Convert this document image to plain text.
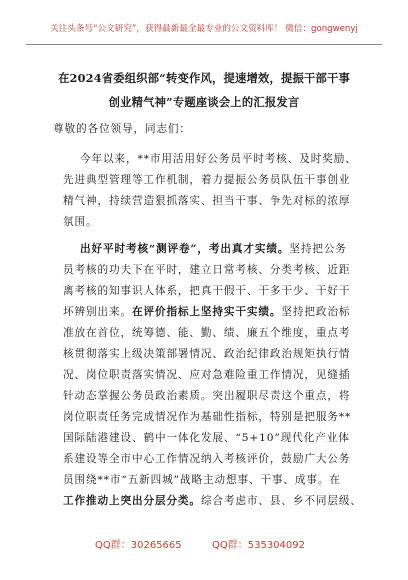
关注头条号“公文研究”，获得最新最全最专业的公文资料库！ 微信：gongwenyj
在2024省委组织部“转变作风，提速增效，提振干部干事
创业精气神”专题座谈会上的汇报发言
尊敬的各位领导，同志们：
今年以来，**市用活用好公务员平时考核、及时奖励、
先进典型管理等工作机制，着力提振公务员队伍干事创业
精气神，持续营造狠抓落实、担当干事、争先对标的浓厚
氛围。
出好平时考核“测评卷”，考出真才实绩。坚持把公务
员考核的功夫下在平时，建立日常考核、分类考核、近距
离考核的知事识人体系，把真干假干、干多干少、干好干
坏辨别出来。在评价指标上坚持实干实绩。坚持把政治标
准放在首位，统筹德、能、勤、绩、廉五个维度，重点考
核贯彻落实上级决策部署情况、政治纪律政治规矩执行情
况、岗位职责落实情况、应对急难险重工作情况，见缝插
针动态掌握公务员政治素质。突出履职尽责这个重点，将
岗位职责任务完成情况作为基础性指标，特别是把服务**
国际陆港建设、鹤中一体化发展、“5+10”现代化产业体
系建设等全市中心工作情况纳入考核评价，鼓励广大公务
员围绕**市“五新四城”战略主动想事、干事、成事。在
工作推动上突出分层分类。综合考虑市、县、乡不同层级、
QQ群：30265665	QQ群：535304092
